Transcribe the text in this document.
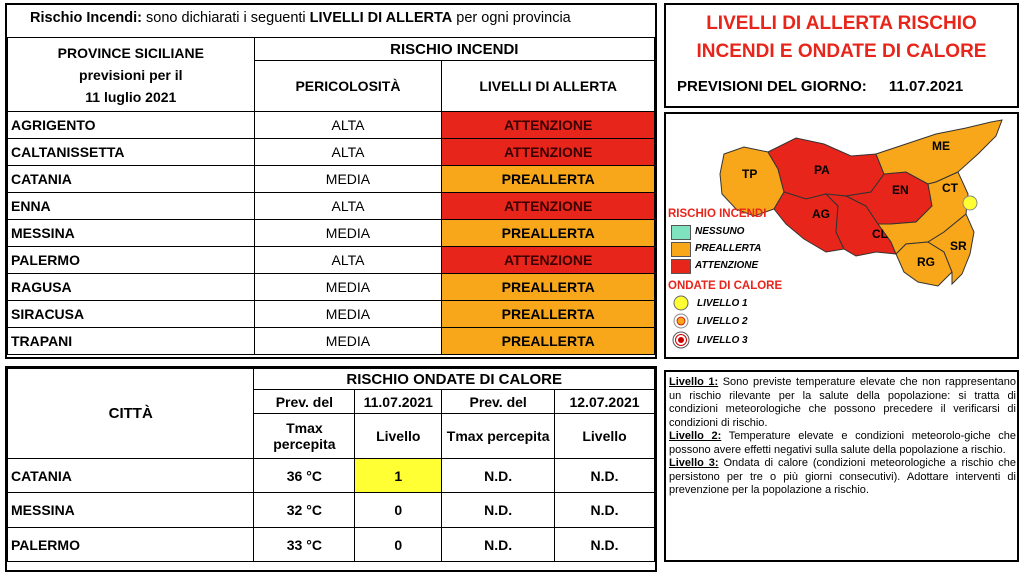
Rischio Incendi: sono dichiarati i seguenti LIVELLI DI ALLERTA per ogni provincia
PROVINCE SICILIANE
previsioni per il
11 luglio 2021	RISCHIO INCENDI	
	PERICOLOSITÀ	LIVELLI DI ALLERTA
AGRIGENTO	ALTA	ATTENZIONE
CALTANISSETTA	ALTA	ATTENZIONE
CATANIA	MEDIA	PREALLERTA
ENNA	ALTA	ATTENZIONE
MESSINA	MEDIA	PREALLERTA
PALERMO	ALTA	ATTENZIONE
RAGUSA	MEDIA	PREALLERTA
SIRACUSA	MEDIA	PREALLERTA
TRAPANI	MEDIA	PREALLERTA
CITTÀ	RISCHIO ONDATE DI CALORE			
	Prev. del	11.07.2021	Prev. del	12.07.2021

	Tmax
percepita	Livello	Tmax percepita	Livello
CATANIA	36 °C	1	N.D.	N.D.
MESSINA	32 °C	0	N.D.	N.D.
PALERMO	33 °C	0	N.D.	N.D.
LIVELLI DI ALLERTA RISCHIO
INCENDI E ONDATE DI CALORE
PREVISIONI DEL GIORNO: 11.07.2021
TP	PA
AG
CL
EN
ME
CT
RG
SR
RISCHIO INCENDI
NESSUNO
PREALLERTA
ATTENZIONE
ONDATE DI CALORE
LIVELLO 1
LIVELLO 2
LIVELLO 3

Livello 1: Sono previste temperature elevate che non rappresentano un rischio rilevante per la salute della popolazione: si tratta di condizioni meteorologiche che possono precedere il verificarsi di condizioni di rischio.

Livello 2: Temperature elevate e condizioni meteorolo-giche che possono avere effetti negativi sulla salute della popolazione a rischio.

Livello 3: Ondata di calore (condizioni meteorologiche a rischio che persistono per tre o più giorni consecutivi). Adottare interventi di prevenzione per la popolazione a rischio.
